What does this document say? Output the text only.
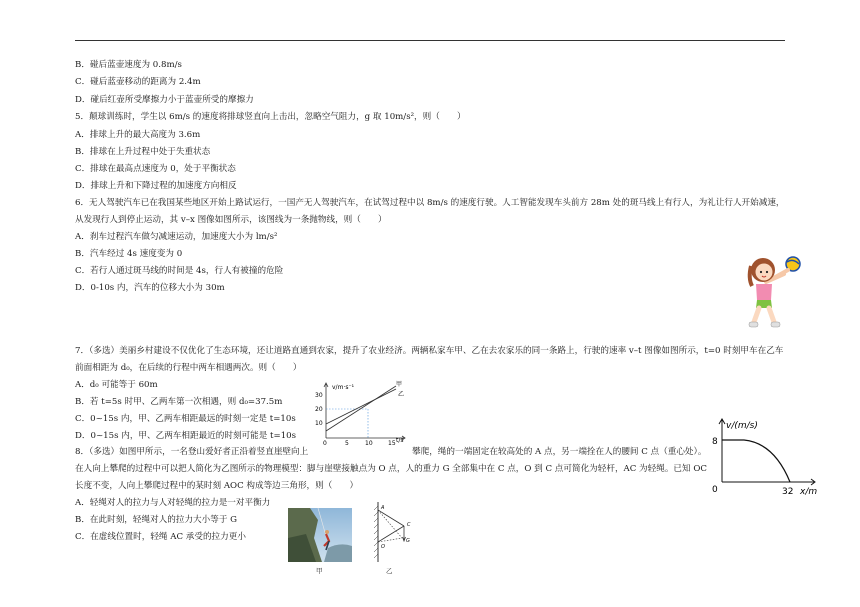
B．碰后蓝壶速度为 0.8m/s
C．碰后蓝壶移动的距离为 2.4m
D．碰后红壶所受摩擦力小于蓝壶所受的摩擦力
5．颠球训练时，学生以 6m/s 的速度将排球竖直向上击出，忽略空气阻力，g 取 10m/s²，则（　　）
A．排球上升的最大高度为 3.6m
B．排球在上升过程中处于失重状态
C．排球在最高点速度为 0，处于平衡状态
D．排球上升和下降过程的加速度方向相反
6．无人驾驶汽车已在我国某些地区开始上路试运行，一国产无人驾驶汽车，在试驾过程中以 8m/s 的速度行驶。人工智能发现车头前方 28m 处的斑马线上有行人，为礼让行人开始减速，
从发现行人到停止运动，其 v–x 图像如图所示，该图线为一条抛物线，则（　　）
A．刹车过程汽车做匀减速运动，加速度大小为 lm/s²
B．汽车经过 4s 速度变为 0
C．若行人通过斑马线的时间是 4s，行人有被撞的危险
D．0-10s 内，汽车的位移大小为 30m
7．（多选）美丽乡村建设不仅优化了生态环境，还让道路直通到农家，提升了农业经济。两辆私家车甲、乙在去农家乐的同一条路上，行驶的速率 v–t 图像如图所示，t=0 时刻甲车在乙车
前面相距为 d₀，在后续的行程中两车相遇两次。则（　　）
A．d₀ 可能等于 60m
B．若 t=5s 时甲、乙两车第一次相遇，则 d₀=37.5m
C．0~15s 内，甲、乙两车相距最远的时刻一定是 t=10s
D．0~15s 内，甲、乙两车相距最近的时刻可能是 t=10s
8．（多选）如图甲所示，一名登山爱好者正沿着竖直崖壁向上	攀爬，绳的一端固定在较高处的 A 点，另一端拴在人的腰间 C 点（重心处）。
在人向上攀爬的过程中可以把人简化为乙图所示的物理模型：脚与崖壁接触点为 O 点，人的重力 G 全部集中在 C 点，O 到 C 点可简化为轻杆，AC 为轻绳。已知 OC
长度不变，人向上攀爬过程中的某时刻 AOC 构成等边三角形，则（　　）
A．轻绳对人的拉力与人对轻绳的拉力是一对平衡力
B．在此时刻，轻绳对人的拉力大小等于 G
C．在虚线位置时，轻绳 AC 承受的拉力更小
v/m·s⁻¹
30
20
10
0	5	10	15 t/s
甲
乙
v/(m/s)
8
0	32 x/m
甲
A
C
O
G
乙
